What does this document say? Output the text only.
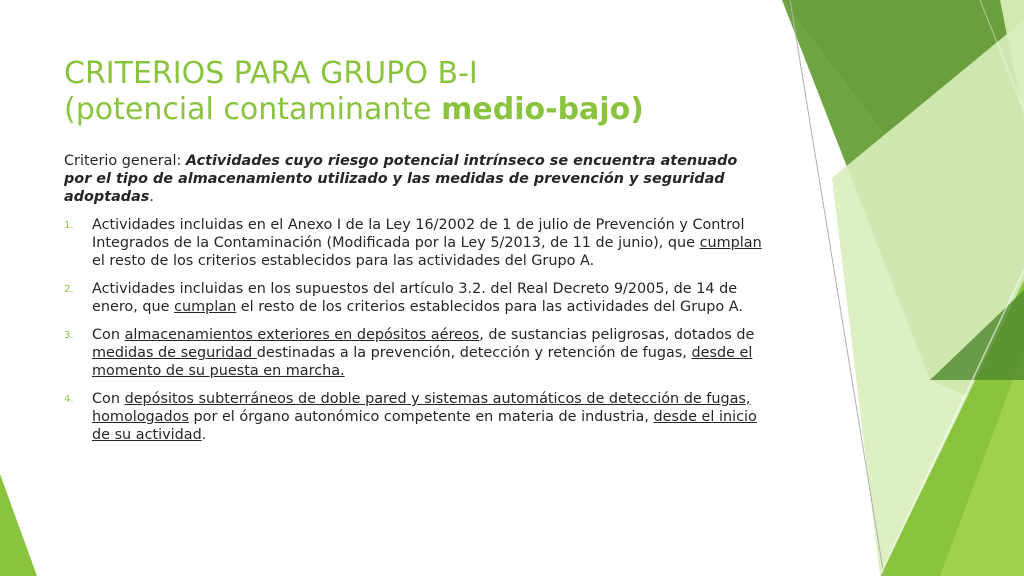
CRITERIOS PARA GRUPO B-I
(potencial contaminante medio-bajo)
Criterio general: Actividades cuyo riesgo potencial intrínseco se encuentra atenuado por el tipo de almacenamiento utilizado y las medidas de prevención y seguridad adoptadas.
1. Actividades incluidas en el Anexo I de la Ley 16/2002 de 1 de julio de Prevención y Control Integrados de la Contaminación (Modificada por la Ley 5/2013, de 11 de junio), que cumplan el resto de los criterios establecidos para las actividades del Grupo A.
2. Actividades incluidas en los supuestos del artículo 3.2. del Real Decreto 9/2005, de 14 de enero, que cumplan el resto de los criterios establecidos para las actividades del Grupo A.
3. Con almacenamientos exteriores en depósitos aéreos, de sustancias peligrosas, dotados de medidas de seguridad destinadas a la prevención, detección y retención de fugas, desde el momento de su puesta en marcha.
4. Con depósitos subterráneos de doble pared y sistemas automáticos de detección de fugas, homologados por el órgano autonómico competente en materia de industria, desde el inicio de su actividad.
